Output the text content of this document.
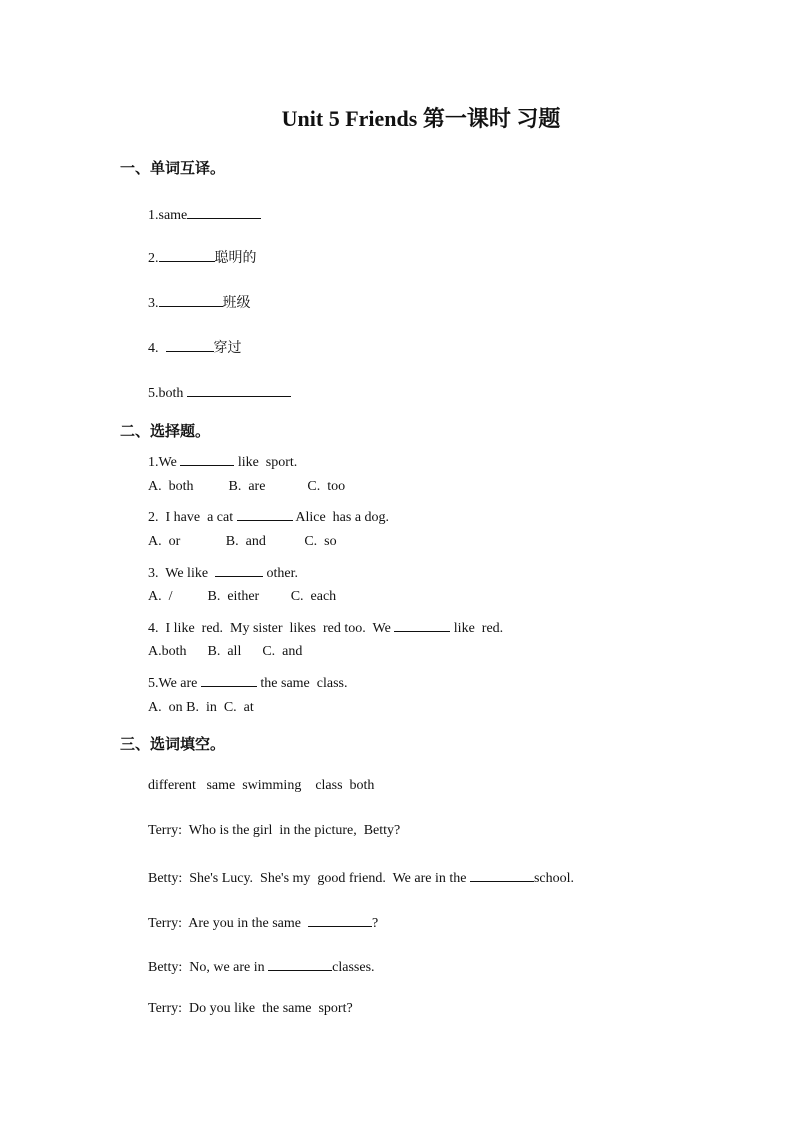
Unit 5 Friends 第一课时 习题

一、单词互译。

1.same

2.	聪明的

3.	班级

4.	穿过

5.both

二、选择题。

1.We	like  sport.

A.  both          B.  are            C.  too

2.  I have  a cat	Alice  has a dog.

A.  or             B.  and           C.  so

3.  We like	other.

A.  /          B.  either         C.  each

4.  I like  red.  My sister  likes  red too.  We	like  red.

A.both      B.  all      C.  and

5.We are	the same  class.

A.  on B.  in  C.  at

三、选词填空。

different   same  swimming    class  both

Terry:  Who is the girl  in the picture,  Betty?

Betty:  She's Lucy.  She's my  good friend.  We are in the	school.

Terry:  Are you in the same	?

Betty:  No, we are in	classes.

Terry:  Do you like  the same  sport?
